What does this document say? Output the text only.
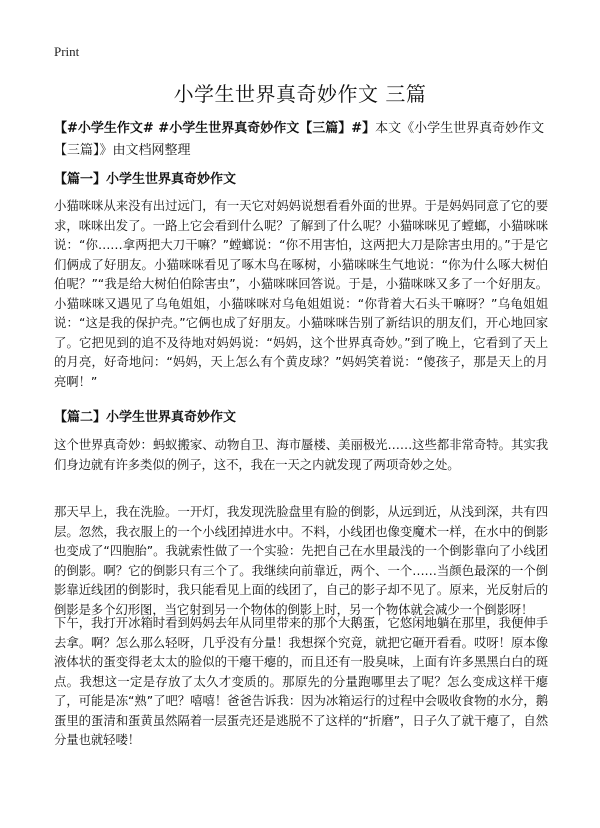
Print
小学生世界真奇妙作文 三篇
【#小学生作文# #小学生世界真奇妙作文【三篇】#】本文《小学生世界真奇妙作文【三篇】》由文档网整理
【篇一】小学生世界真奇妙作文
小猫咪咪从来没有出过远门，有一天它对妈妈说想看看外面的世界。于是妈妈同意了它的要求，咪咪出发了。一路上它会看到什么呢？了解到了什么呢？小猫咪咪见了螳螂，小猫咪咪说：“你……拿两把大刀干嘛？”螳螂说：“你不用害怕，这两把大刀是除害虫用的。”于是它们俩成了好朋友。小猫咪咪看见了啄木鸟在啄树，小猫咪咪生气地说：“你为什么啄大树伯伯呢？”“我是给大树伯伯除害虫”，小猫咪咪回答说。于是，小猫咪咪又多了一个好朋友。小猫咪咪又遇见了乌龟姐姐，小猫咪咪对乌龟姐姐说：“你背着大石头干嘛呀？”乌龟姐姐说：“这是我的保护壳。”它俩也成了好朋友。小猫咪咪告别了新结识的朋友们，开心地回家了。它把见到的追不及待地对妈妈说：“妈妈，这个世界真奇妙。”到了晚上，它看到了天上的月亮，好奇地问：“妈妈，天上怎么有个黄皮球？”妈妈笑着说：“傻孩子，那是天上的月亮啊！”
【篇二】小学生世界真奇妙作文
这个世界真奇妙：蚂蚁搬家、动物自卫、海市蜃楼、美丽极光……这些都非常奇特。其实我们身边就有许多类似的例子，这不，我在一天之内就发现了两项奇妙之处。
那天早上，我在洗脸。一开灯，我发现洗脸盘里有脸的倒影，从远到近，从浅到深，共有四层。忽然，我衣服上的一个小线团掉进水中。不料，小线团也像变魔术一样，在水中的倒影也变成了“四胞胎”。我就索性做了一个实验：先把自己在水里最浅的一个倒影靠向了小线团的倒影。啊？它的倒影只有三个了。我继续向前靠近，两个、一个……当颜色最深的一个倒影靠近线团的倒影时，我只能看见上面的线团了，自己的影子却不见了。原来，光反射后的倒影是多个幻形图，当它射到另一个物体的倒影上时，另一个物体就会减少一个倒影呀！
下午，我打开冰箱时看到妈妈去年从同里带来的那个大鹅蛋，它悠闲地躺在那里，我便伸手去拿。啊？怎么那么轻呀，几乎没有分量！我想探个究竟，就把它砸开看看。哎呀！原本像液体状的蛋变得老太太的脸似的干瘪干瘪的，而且还有一股臭味，上面有许多黑黑白白的斑点。我想这一定是存放了太久才变质的。那原先的分量跑哪里去了呢？怎么变成这样干瘪了，可能是冻“熟”了吧？嘻嘻！爸爸告诉我：因为冰箱运行的过程中会吸收食物的水分，鹅蛋里的蛋清和蛋黄虽然隔着一层蛋壳还是逃脱不了这样的“折磨”，日子久了就干瘪了，自然分量也就轻喽！
